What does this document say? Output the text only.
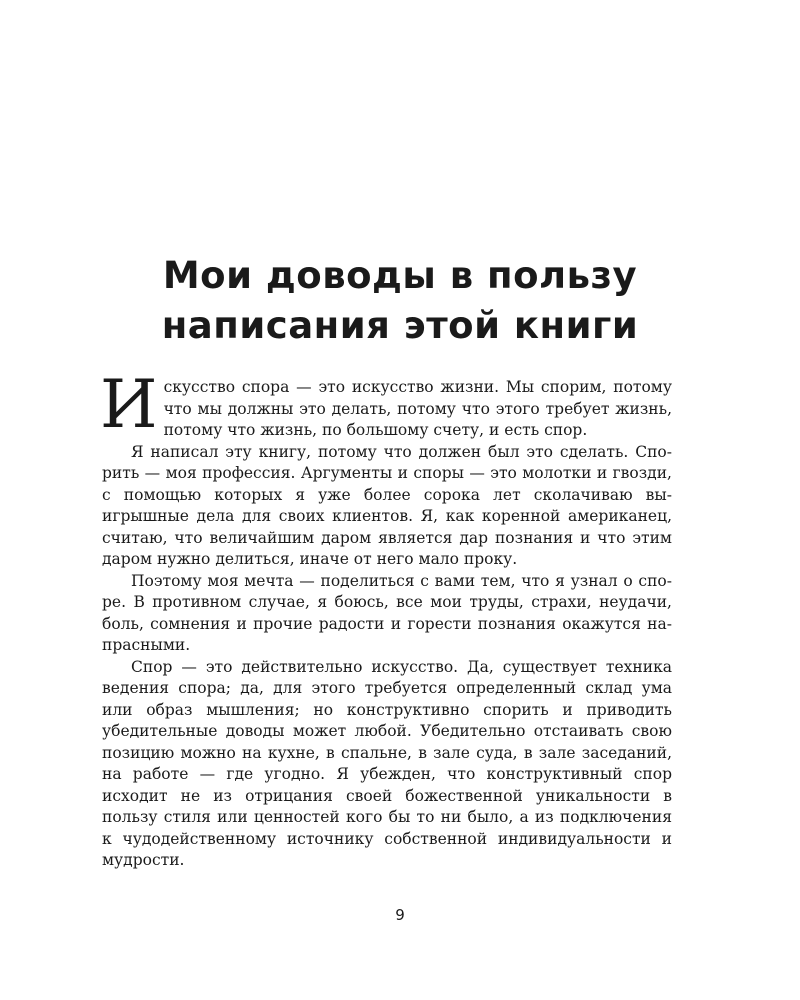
Мои доводы в пользу
написания этой книги

Искусство спора — это искусство жизни. Мы спорим, потому что мы должны это делать, потому что этого требует жизнь, потому что жизнь, по большому счету, и есть спор.

Я написал эту книгу, потому что должен был это сделать. Спорить — моя профессия. Аргументы и споры — это молотки и гвозди, с помощью которых я уже более сорока лет сколачиваю выигрышные дела для своих клиентов. Я, как коренной американец, считаю, что величайшим даром является дар познания и что этим даром нужно делиться, иначе от него мало проку.

Поэтому моя мечта — поделиться с вами тем, что я узнал о споре. В противном случае, я боюсь, все мои труды, страхи, неудачи, боль, сомнения и прочие радости и горести познания окажутся напрасными.

Спор — это действительно искусство. Да, существует техника ведения спора; да, для этого требуется определенный склад ума или образ мышления; но конструктивно спорить и приводить убедительные доводы может любой. Убедительно отстаивать свою позицию можно на кухне, в спальне, в зале суда, в зале заседаний, на работе — где угодно. Я убежден, что конструктивный спор исходит не из отрицания своей божественной уникальности в пользу стиля или ценностей кого бы то ни было, а из подключения к чудодейственному источнику собственной индивидуальности и мудрости.

9
